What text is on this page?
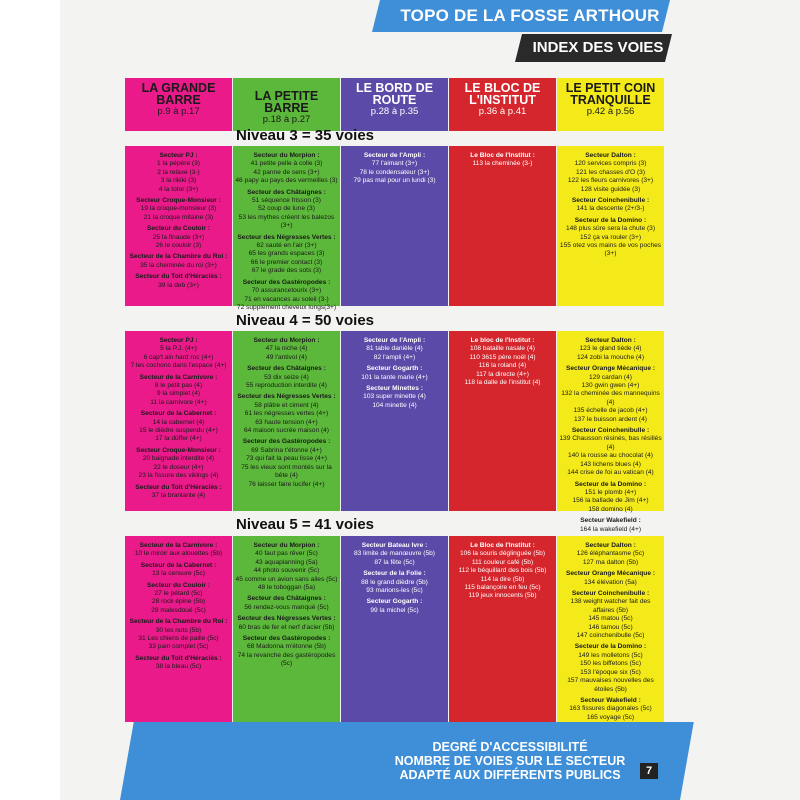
TOPO DE LA FOSSE ARTHOUR
INDEX DES VOIES
LA GRANDE BARRE
p.9 à p.17
LA PETITE BARRE
p.18 à p.27
LE BORD DE ROUTE
p.28 à p.35
LE BLOC DE L'INSTITUT
p.36 à p.41
LE PETIT COIN TRANQUILLE
p.42 à p.56
Niveau 3 = 35 voies
Niveau 4 = 50 voies
Niveau 5 = 41 voies
Secteur PJ :
1 la pépère (3)
2 la relaxe (3-)
3 la rikiki (3)
4 la totor (3+)
Secteur Croque-Monsieur :
19 la croque-monsieur (3)
21 la croque mitaine (3)
Secteur du Couloir :
25 la finaude (3+)
26 le couloir (3)
Secteur de la Chambre du Roi :
35 la cheminée du roi (3+)
Secteur du Toit d'Héraclès :
39 la deb (3+)
Secteur du Morpion :
41 petite pelle à colle (3)
42 panne de sens (3+)
46 papy au pays des vermeilles (3)
Secteur des Châtaignes :
51 séquence frisson (3)
52 coup de lune (3)
53 les mythes créent les balezos (3+)
Secteur des Négresses Vertes :
62 sauté en l'air (3+)
65 les grands espaces (3)
66 le premier contact (3)
67 le grade des sots (3)
Secteur des Gastéropodes :
70 assurancetourix (3+)
71 en vacances au soleil (3-)
72 supplément cheveux longs(3+)
Secteur de l'Ampli :
77 l'aimant (3+)
78 le condensateur (3+)
79 pas mal pour un lundi (3)
Le Bloc de l'Institut :
113 la cheminée (3-)
Secteur Dalton :
120 services compris (3)
121 les chasses d'O (3)
122 les fleurs carnivores (3+)
128 visite guidée (3)
Secteur Coinchenibulle :
141 la descente (2+/3-)
Secteur de la Domino :
148 plus sûre sera la chute (3)
152 ça va rouler (3+)
155 otez vos mains de vos poches (3+)
Secteur PJ :
5 la P.J. (4+)
6 cap't ain hard roc (4+)
7 les cochons dans l'espace (4+)
Secteur de la Carnivore :
8 le petit pas (4)
9 la simplet (4)
11 la carnivore (4+)
Secteur de la Cabernet :
14 la cabernet (4)
15 le dièdre suspendu (4+)
17 la düffer (4+)
Secteur Croque-Monsieur :
20 baignade interdite (4)
22 le doseur (4+)
23 la fissure des vikings (4)
Secteur du Toit d'Héraclès :
37 la branlante (4)
Secteur du Morpion :
47 la niche (4)
49 l'antivol (4)
Secteur des Châtaignes :
53 dix seize (4)
55 reproduction interdite (4)
Secteur des Négresses Vertes :
58 plâtre et ciment (4)
61 les négresses vertes (4+)
63 haute tension (4+)
64 maison sucrée maison (4)
Secteur des Gastéropodes :
69 Sabrina t'étonne (4+)
73 qui fait la peau lisse (4+)
75 les vieux sont montés sur la bête (4)
76 laisser faire lucifer (4+)
Secteur de l'Ampli :
81 table danièle (4)
82 l'ampli (4+)
Secteur Gogarth :
101 la tante marie (4+)
Secteur Minettes :
103 super minette (4)
104 minette (4)
Le bloc de l'Institut :
108 bataille nasale (4)
110 3615 père noël (4)
116 la roland (4)
117 la directe (4+)
118 la dalle de l'institut (4)
Secteur Dalton :
123 le gland tiède (4)
124 zobi la mouche (4)
Secteur Orange Mécanique :
129 cardan (4)
130 gwin gwen (4+)
132 la cheminée des mannequins (4)
135 échelle de jacob (4+)
137 le buisson ardent (4)
Secteur Coinchenibulle :
139 Chausson résinés, bas résillés (4)
140 la rousse au chocolat (4)
143 lichens blues (4)
144 crise de foi au vatican (4)
Secteur de la Domino :
151 le plomb (4+)
156 la ballade de Jim (4+)
158 domino (4)
Secteur Wakefield :
164 la wakefield (4+)
Secteur de la Carnivore :
10 le miroir aux alouettes (5b)
Secteur de la Cabernet :
13 la censure (5c)
Secteur du Couloir :
27 le pétard (5c)
28 rock épine (5b)
29 malesdoué (5c)
Secteur de la Chambre du Roi :
30 les nuts (5b)
31 Les chiens de paille (5c)
33 pain complet (5c)
Secteur du Toit d'Héraclès :
38 la bleau (5c)
Secteur du Morpion :
40 faut pas rêver (5c)
43 aquaplanning (5a)
44 photo souvenir (5c)
45 comme un avion sans ailes (5c)
48 le toboggan (5a)
Secteur des Châtaignes :
56 rendez-vous manqué (5c)
Secteur des Négresses Vertes :
60 bras de fer et nerf d'acier (5b)
Secteur des Gastéropodes :
68 Madonna m'étonne (5b)
74 la revanche des gastéropodes (5c)
Secteur Bateau Ivre :
83 limite de manœuvre (5b)
87 la fête (5c)
Secteur de la Folie :
88 le grand dièdre (5b)
93 marions-les (5c)
Secteur Gogarth :
99 la michel (5c)
Le Bloc de l'Institut :
106 la souris déglinguée (5b)
111 couleur café (5b)
112 le béquillard des bois (5b)
114 la dire (5b)
115 balançoire en feu (5c)
119 jeux innocents (5b)
Secteur Dalton :
126 éléphantasme (5c)
127 ma dalton (5b)
Secteur Orange Mécanique :
134 élévation (5a)
Secteur Coinchenibulle :
138 weight watcher fait des affaires (5b)
145 matou (5c)
146 tamou (5c)
147 coinchenibulle (5c)
Secteur de la Domino :
149 les molletons (5c)
150 les biffetons (5c)
153 l'époque six (5c)
157 mauvaises nouvelles des étoiles (5b)
Secteur Wakefield :
163 fissures diagonales (5c)
165 voyage (5c)
DEGRÉ D'ACCESSIBILITÉ
NOMBRE DE VOIES SUR LE SECTEUR
ADAPTÉ AUX DIFFÉRENTS PUBLICS	7
